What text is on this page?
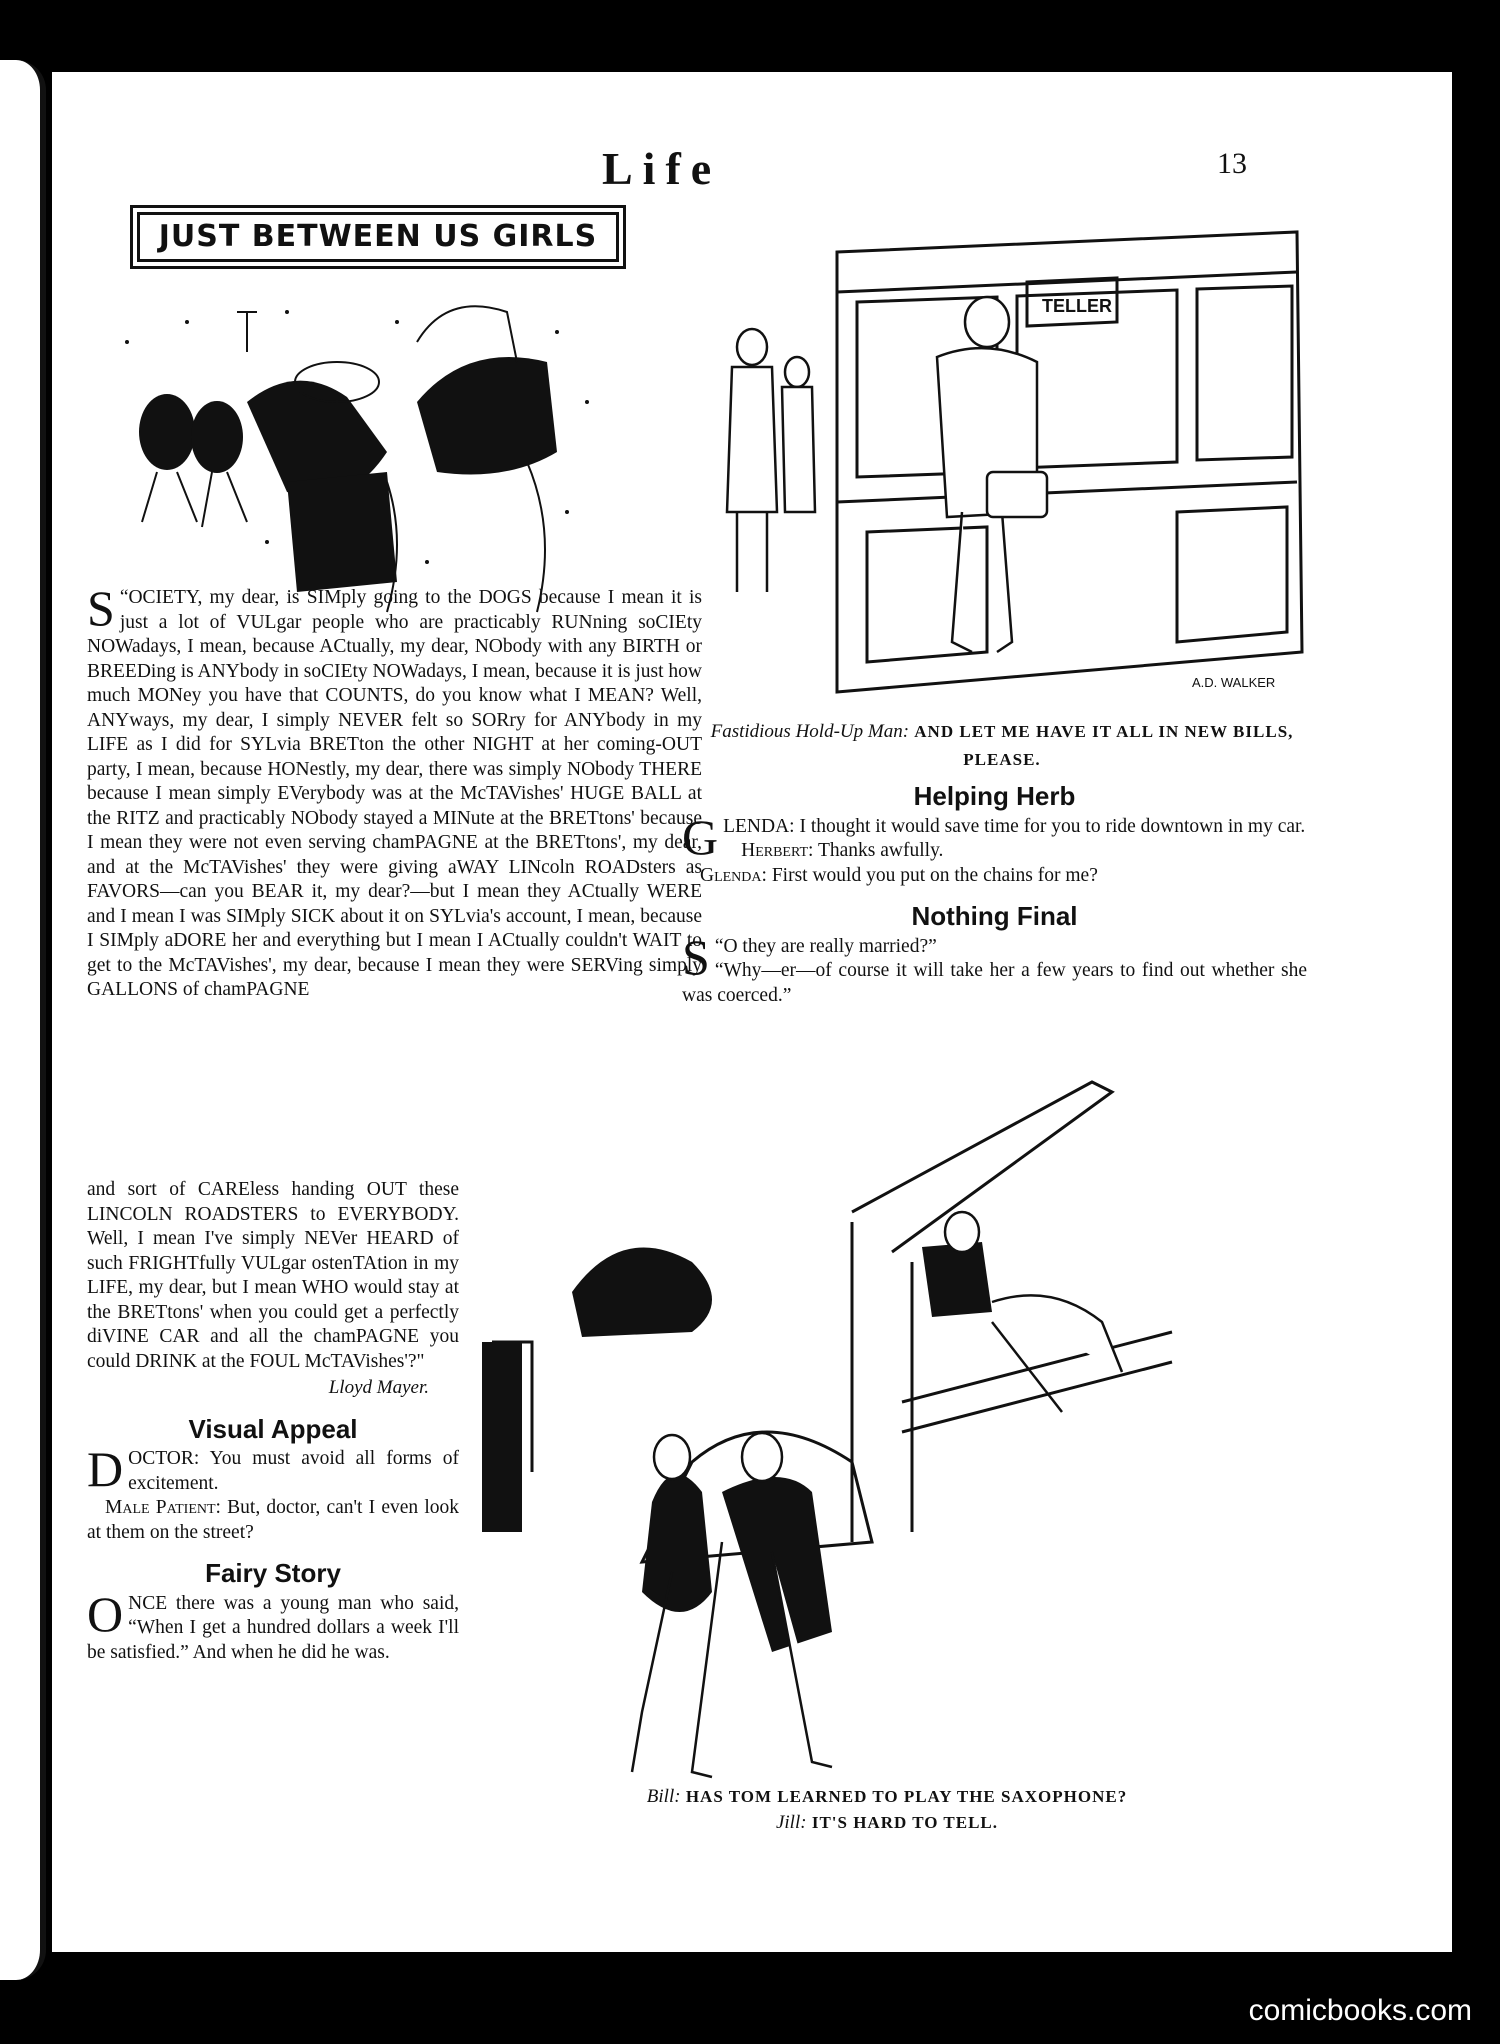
Life	13
JUST BETWEEN US GIRLS

“
S OCIETY, my dear, is SIMply going to the DOGS because I mean it is just a lot of VULgar people who are practicably RUNning soCIEty NOWadays, I mean, because ACtually, my dear, NObody with any BIRTH or BREEDing is ANYbody in soCIEty NOWadays, I mean, because it is just how much MONey you have that COUNTS, do you know what I MEAN? Well, ANYways, my dear, I simply NEVER felt so SORry for ANYbody in my LIFE as I did for SYLvia BRETton the other NIGHT at her coming-OUT party, I mean, because HONestly, my dear, there was simply NObody THERE because I mean simply EVerybody was at the McTAVishes' HUGE BALL at the RITZ and practicably NObody stayed a MINute at the BRETtons' because I mean they were not even serving chamPAGNE at the BRETtons', my dear, and at the McTAVishes' they were giving aWAY LINcoln ROADsters as FAVORS—can you BEAR it, my dear?—but I mean they ACtually WERE and I mean I was SIMply SICK about it on SYLvia's account, I mean, because I SIMply aDORE her and everything but I mean I ACtually couldn't WAIT to get to the McTAVishes', my dear, because I mean they were SERVing simply GALLONS of chamPAGNE

and sort of CAREless handing OUT these LINCOLN ROADSTERS to EVERYBODY. Well, I mean I've simply NEVer HEARD of such FRIGHTfully VULgar ostenTAtion in my LIFE, my dear, but I mean WHO would stay at the BRETtons' when you could get a perfectly diVINE CAR and all the chamPAGNE you could DRINK at the FOUL McTAVishes'?"

Lloyd Mayer.
Visual Appeal

DOCTOR: You must avoid all forms of excitement.

Male Patient: But, doctor, can't I even look at them on the street?

Fairy Story

ONCE there was a young man who said, “When I get a hundred dollars a week I'll be satisfied.” And when he did he was.

TELLER
A.D. WALKER
Fastidious Hold-Up Man: AND LET ME HAVE IT ALL IN NEW BILLS, PLEASE.
Helping Herb

GLENDA: I thought it would save time for you to ride downtown in my car.

Herbert: Thanks awfully.

Glenda: First would you put on the chains for me?

Nothing Final

“
S O they are really married?”

“Why—er—of course it will take her a few years to find out whether she was coerced.”

Bill: HAS TOM LEARNED TO PLAY THE SAXOPHONE?
Jill: IT'S HARD TO TELL.
comicbooks.com
